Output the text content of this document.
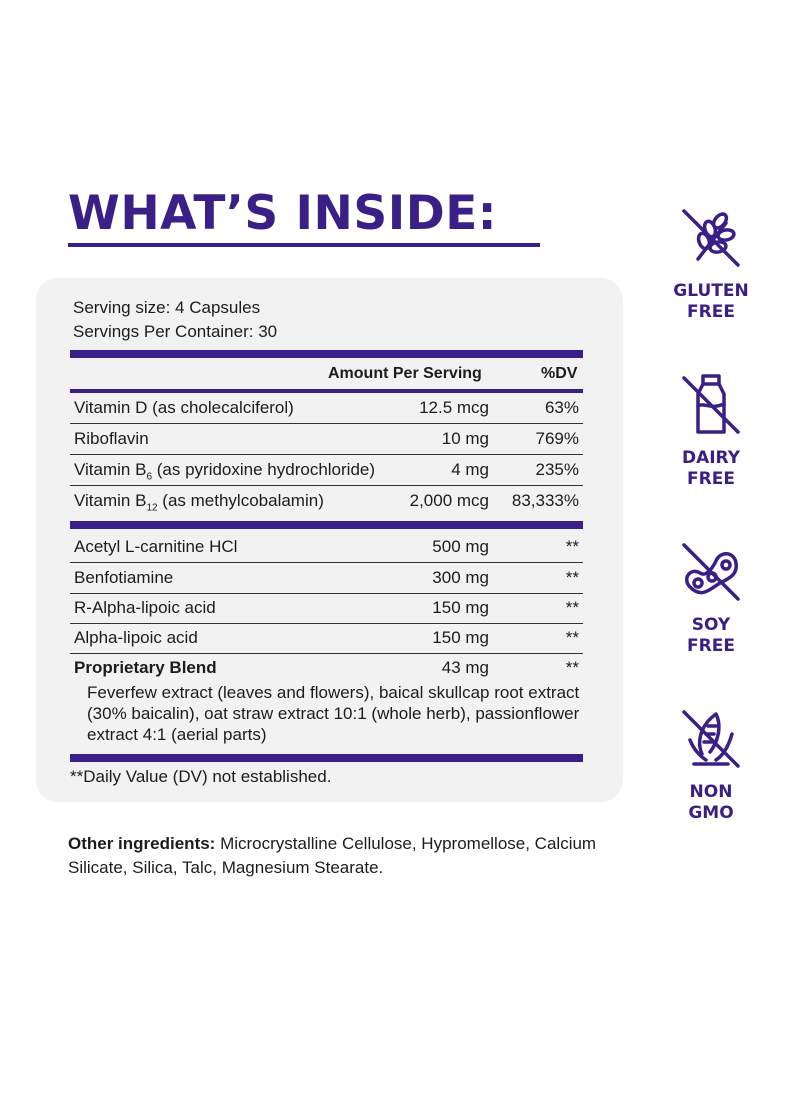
WHAT’S INSIDE:

Serving size: 4 Capsules

Servings Per Container: 30

Amount Per Serving	%DV
Vitamin D (as cholecalciferol)	12.5 mcg	63%
Riboflavin	10 mg	769%
Vitamin $B_6$ (as pyridoxine hydrochloride)	4 mg	235%
Vitamin $B_{12}$ (as methylcobalamin)	2,000 mcg 83,333%
Acetyl L-carnitine HCl	500 mg	**
Benfotiamine	300 mg	**
R-Alpha-lipoic acid	150 mg	**
Alpha-lipoic acid	150 mg	**
Proprietary Blend	43 mg	**

Feverfew extract (leaves and flowers), baical skullcap root extract (30% baicalin), oat straw extract 10:1 (whole herb), passionflower extract 4:1 (aerial parts)

**Daily Value (DV) not established.

Other ingredients: Microcrystalline Cellulose, Hypromellose, Calcium Silicate, Silica, Talc, Magnesium Stearate.

GLUTEN
FREE
DAIRY
FREE
SOY
FREE
NON
GMO
